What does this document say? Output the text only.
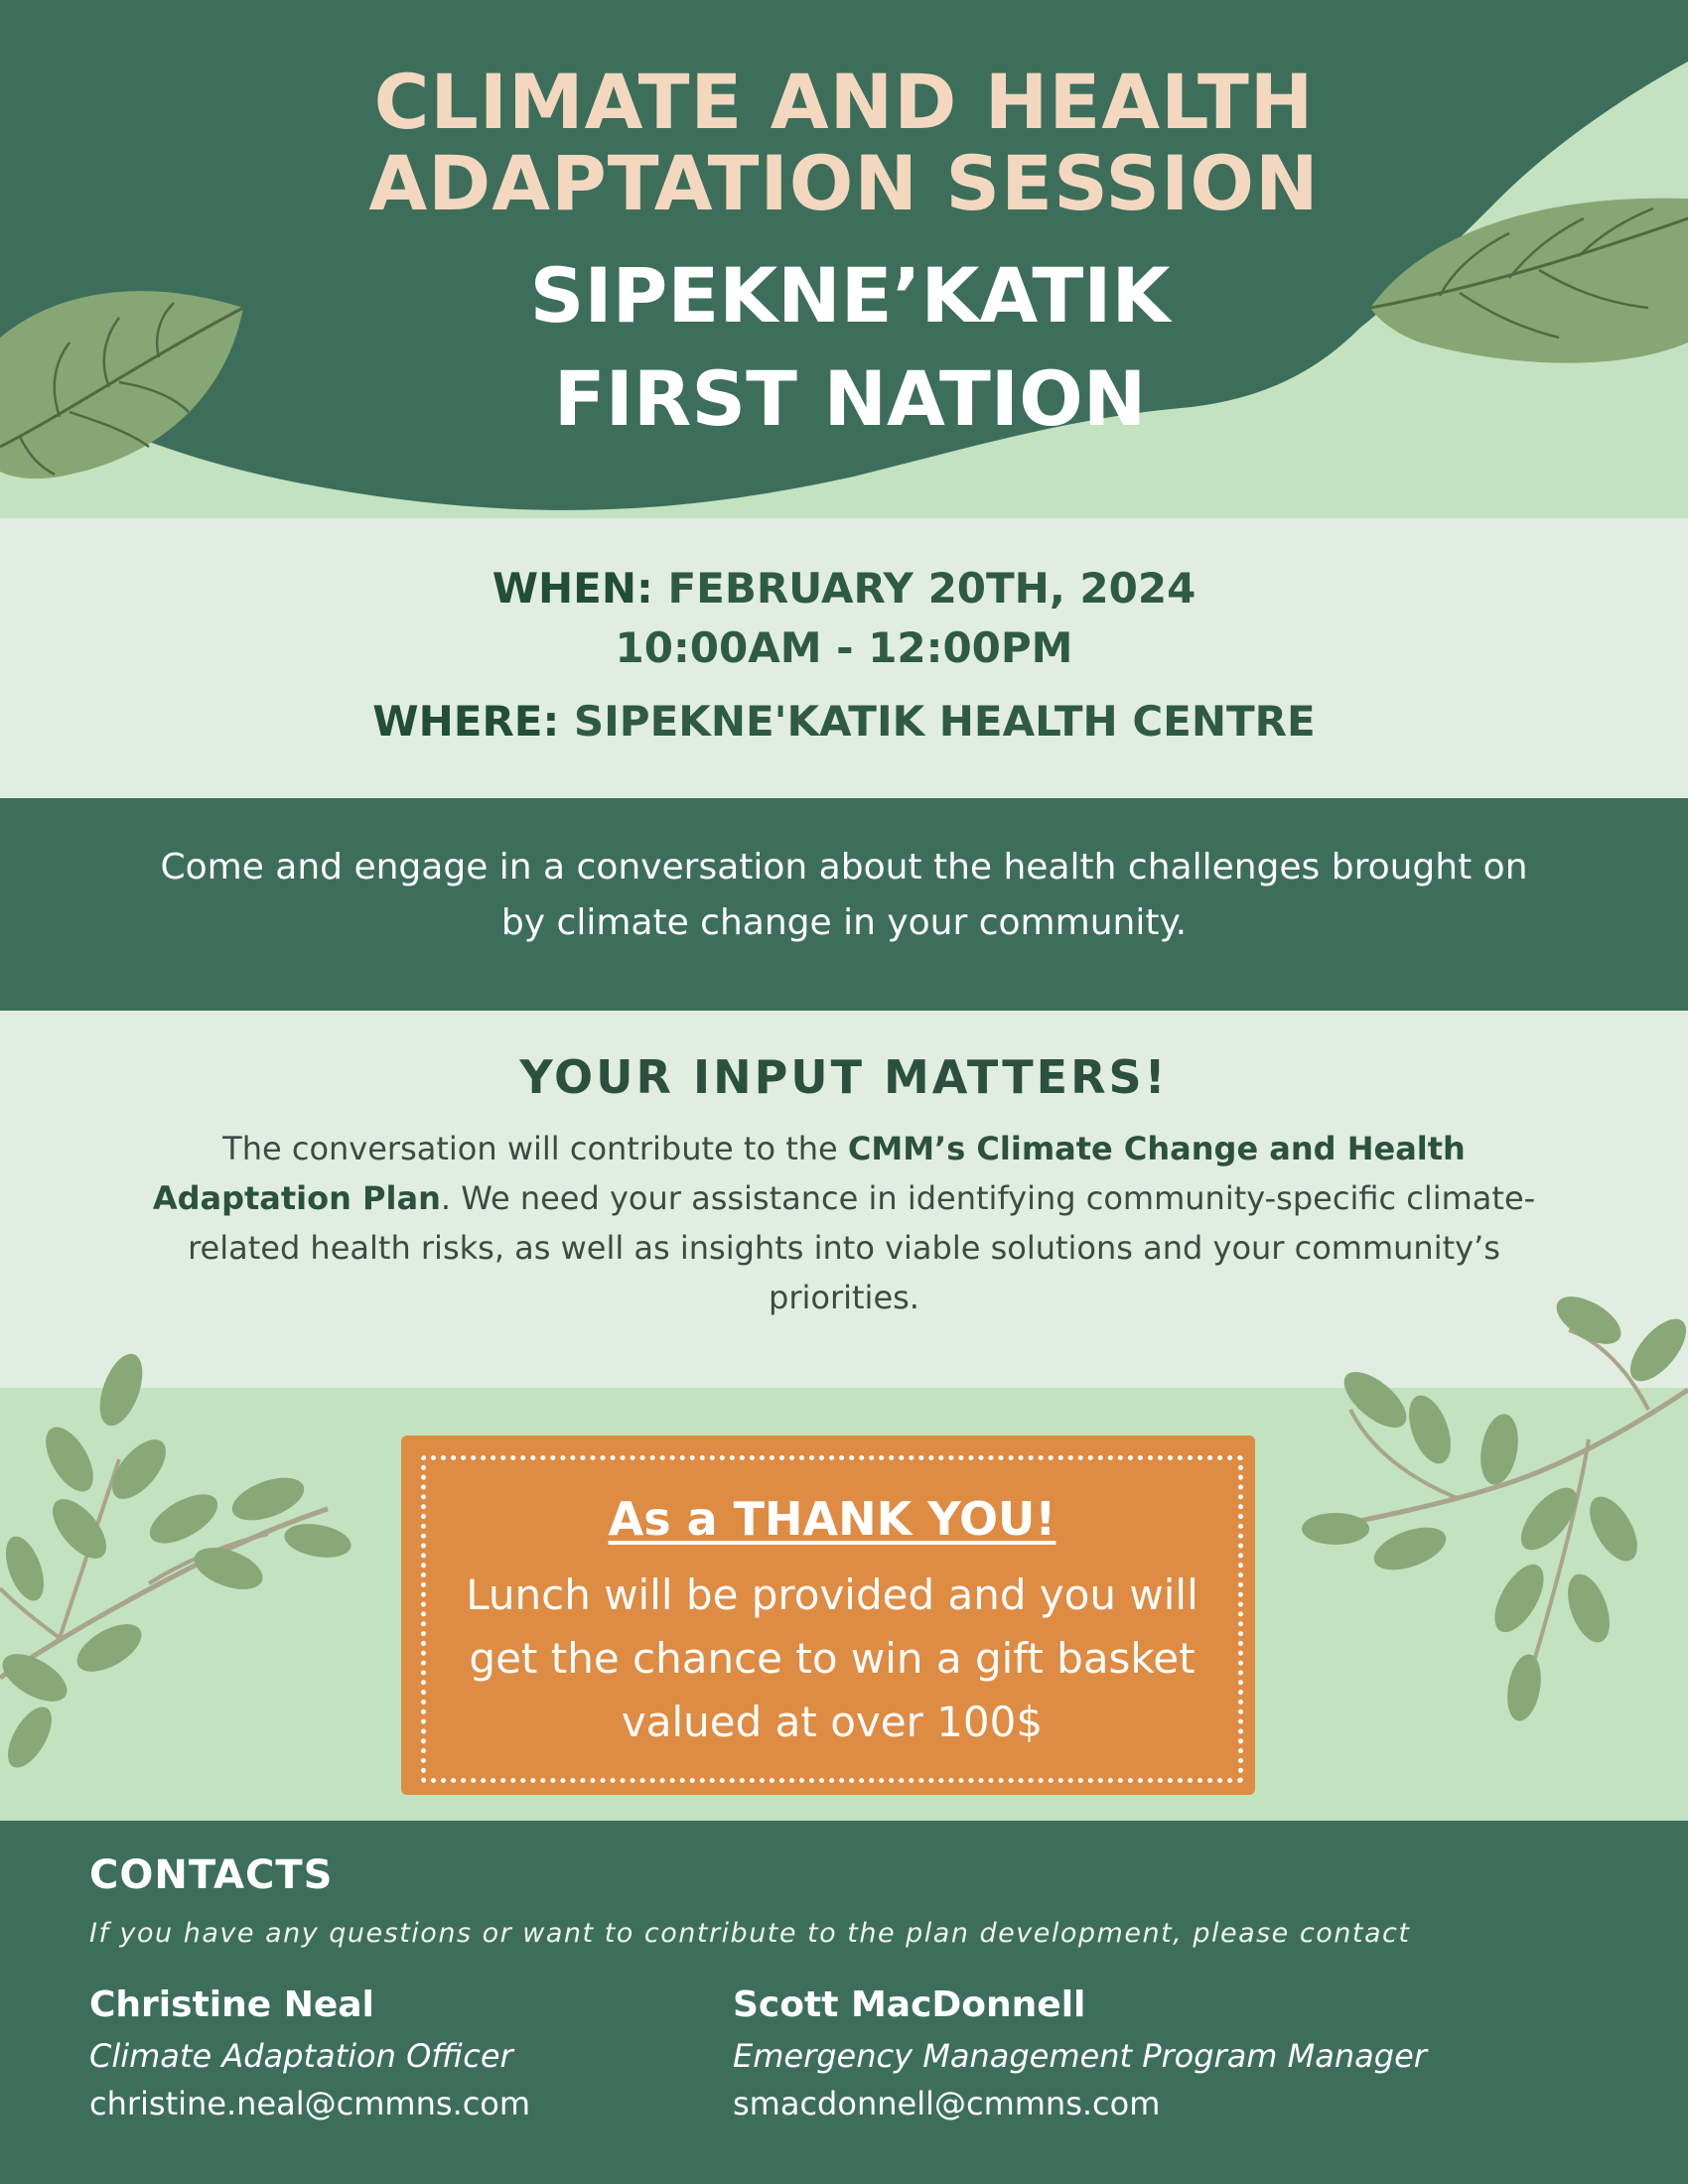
CLIMATE AND HEALTH
ADAPTATION SESSION
SIPEKNE’KATIK
FIRST NATION
WHEN: FEBRUARY 20TH, 2024
10:00AM - 12:00PM
WHERE: SIPEKNE'KATIK HEALTH CENTRE
Come and engage in a conversation about the health challenges brought on by climate change in your community.
YOUR INPUT MATTERS!
The conversation will contribute to the CMM’s Climate Change and Health Adaptation Plan. We need your assistance in identifying community-specific climate-related health risks, as well as insights into viable solutions and your community’s priorities.
As a THANK YOU!
Lunch will be provided and you will get the chance to win a gift basket valued at over 100$
CONTACTS
If you have any questions or want to contribute to the plan development, please contact
Christine Neal
Climate Adaptation Officer
christine.neal@cmmns.com
Scott MacDonnell
Emergency Management Program Manager
smacdonnell@cmmns.com
